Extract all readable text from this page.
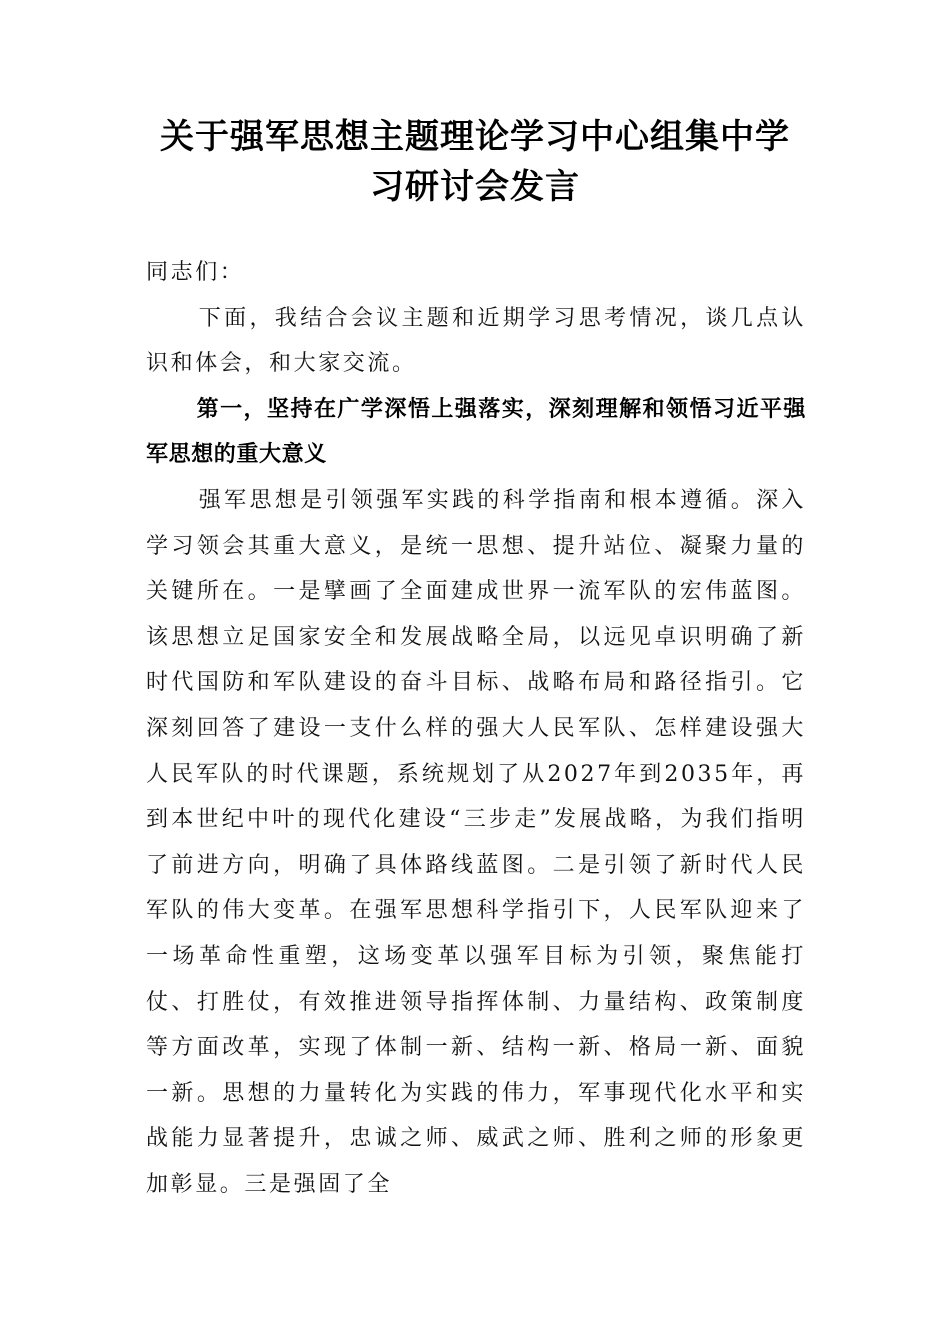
关于强军思想主题理论学习中心组集中学
习研讨会发言

同志们：

下面，我结合会议主题和近期学习思考情况，谈几点认识和体会，和大家交流。

第一，坚持在广学深悟上强落实，深刻理解和领悟习近平强军思想的重大意义

强军思想是引领强军实践的科学指南和根本遵循。深入学习领会其重大意义，是统一思想、提升站位、凝聚力量的关键所在。一是擘画了全面建成世界一流军队的宏伟蓝图。该思想立足国家安全和发展战略全局，以远见卓识明确了新时代国防和军队建设的奋斗目标、战略布局和路径指引。它深刻回答了建设一支什么样的强大人民军队、怎样建设强大人民军队的时代课题，系统规划了从2027年到2035年，再到本世纪中叶的现代化建设“三步走”发展战略，为我们指明了前进方向，明确了具体路线蓝图。二是引领了新时代人民军队的伟大变革。在强军思想科学指引下，人民军队迎来了一场革命性重塑，这场变革以强军目标为引领，聚焦能打仗、打胜仗，有效推进领导指挥体制、力量结构、政策制度等方面改革，实现了体制一新、结构一新、格局一新、面貌一新。思想的力量转化为实践的伟力，军事现代化水平和实战能力显著提升，忠诚之师、威武之师、胜利之师的形象更加彰显。三是强固了全
